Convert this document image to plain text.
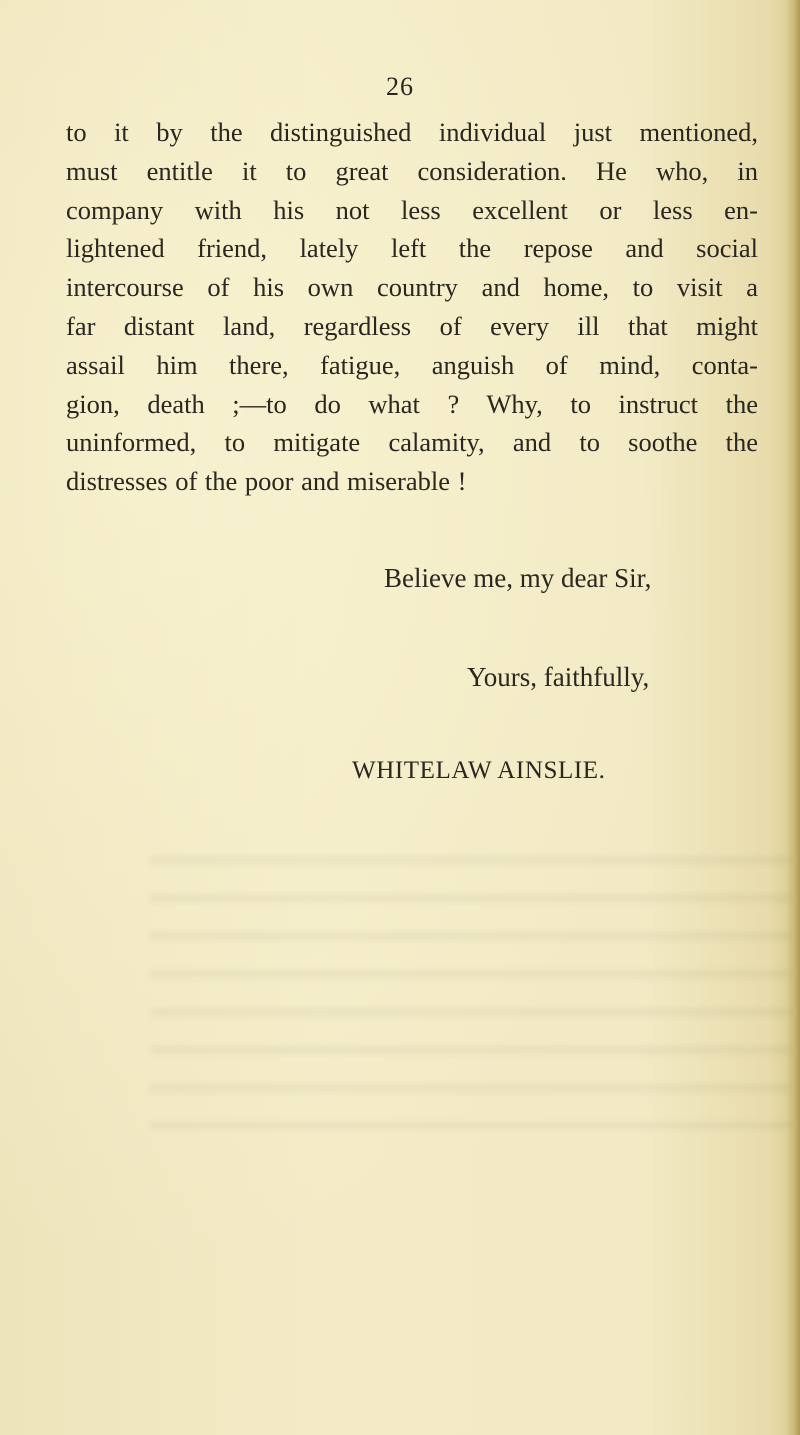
26
to it by the distinguished individual just mentioned,
must entitle it to great consideration. He who, in
company with his not less excellent or less en-
lightened friend, lately left the repose and social
intercourse of his own country and home, to visit a
far distant land, regardless of every ill that might
assail him there, fatigue, anguish of mind, conta-
gion, death ;—to do what ? Why, to instruct the
uninformed, to mitigate calamity, and to soothe the
distresses of the poor and miserable !
Believe me, my dear Sir,
Yours, faithfully,
WHITELAW AINSLIE.
